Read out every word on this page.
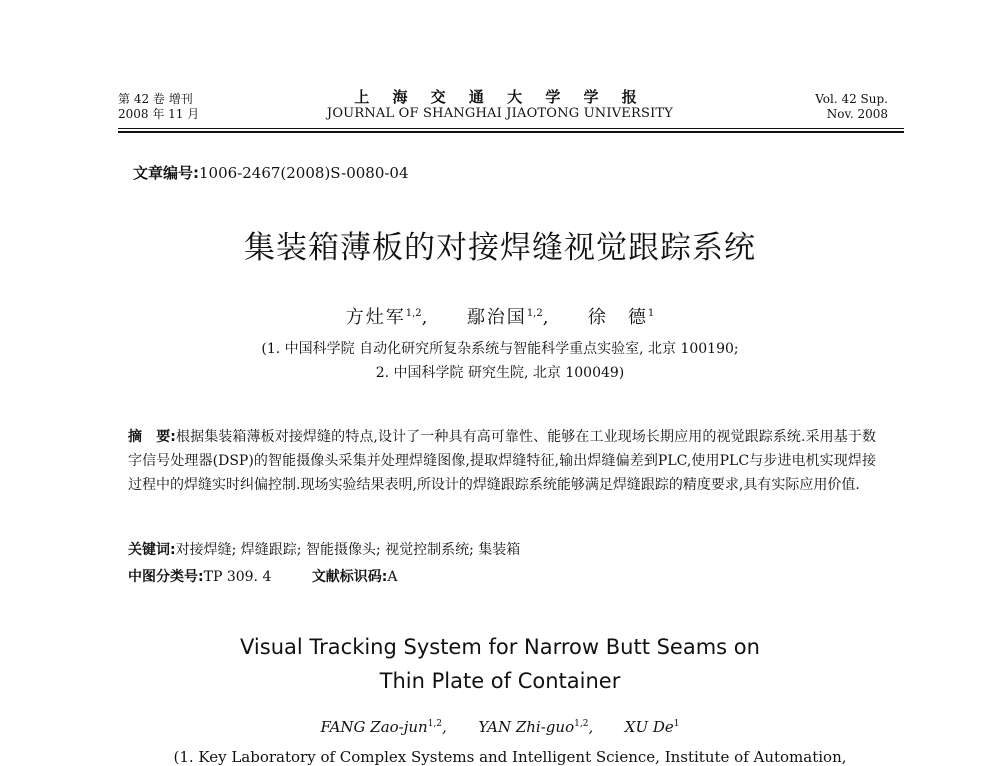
第 42 卷 增刊
2008 年 11 月
上 海 交 通 大 学 学 报
JOURNAL OF SHANGHAI JIAOTONG UNIVERSITY
Vol. 42 Sup.
Nov. 2008
文章编号:1006-2467(2008)S-0080-04
集装箱薄板的对接焊缝视觉跟踪系统
方灶军$^{1,2}$, 鄢治国$^{1,2}$, 徐　德$^1$
(1. 中国科学院 自动化研究所复杂系统与智能科学重点实验室, 北京 100190;
2. 中国科学院 研究生院, 北京 100049)
摘　要:根据集装箱薄板对接焊缝的特点,设计了一种具有高可靠性、能够在工业现场长期应用的视觉跟踪系统.采用基于数字信号处理器(DSP)的智能摄像头采集并处理焊缝图像,提取焊缝特征,输出焊缝偏差到PLC,使用PLC与步进电机实现焊接过程中的焊缝实时纠偏控制.现场实验结果表明,所设计的焊缝跟踪系统能够满足焊缝跟踪的精度要求,具有实际应用价值.
关键词:对接焊缝; 焊缝跟踪; 智能摄像头; 视觉控制系统; 集装箱
中图分类号:TP 309. 4	文献标识码:A
Visual Tracking System for Narrow Butt Seams on
Thin Plate of Container
FANG Zao-jun$^{1,2}$, YAN Zhi-guo$^{1,2}$, XU De$^1$
(1. Key Laboratory of Complex Systems and Intelligent Science, Institute of Automation,
